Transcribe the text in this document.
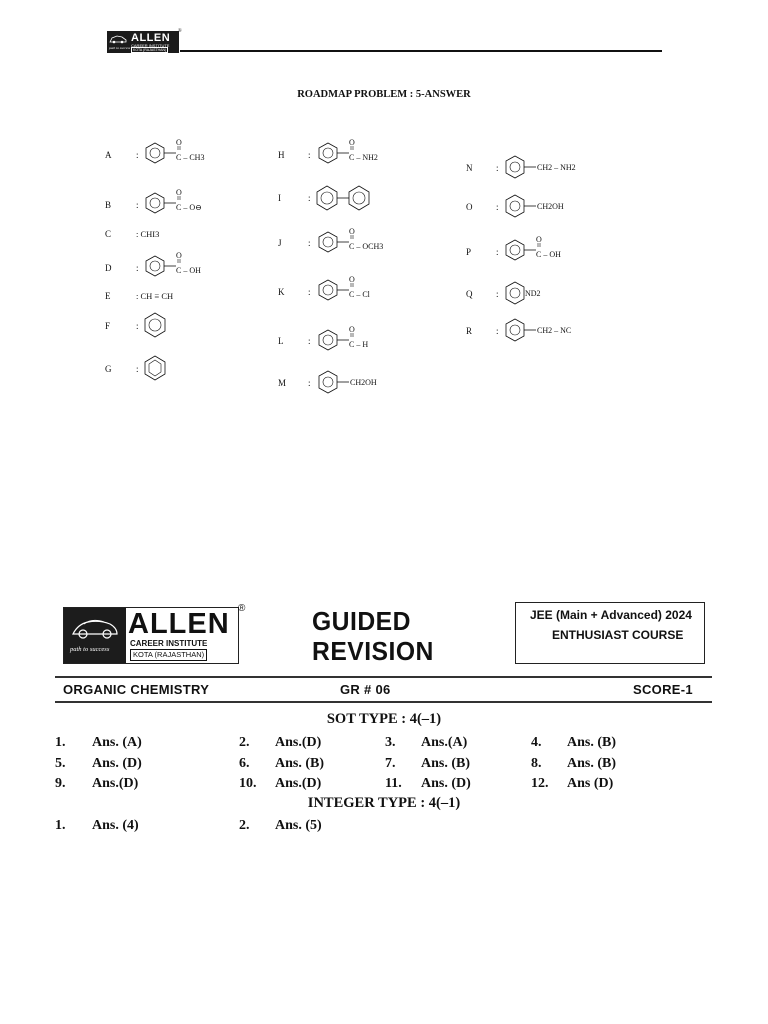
path to success
ALLEN
CAREER INSTITUTE
KOTA (RAJASTHAN)
®
ROADMAP PROBLEM : 5-ANSWER
A	:
O
C – CH3
B	:
O
C – O⊖
C	: CHI3
D	:
O
C – OH
E	: CH ≡ CH
F	:
G	:
H	:
O
C – NH2
I	:
J	:
O
C – OCH3
K	:
O
C – Cl
L	:
O
C – H
M :	CH2OH
N	:	CH2 – NH2
O	:	CH2OH
P	:
O
C – OH
Q	:	ND2
R	:	CH2 – NC
path to success
ALLEN
CAREER INSTITUTE
KOTA (RAJASTHAN)
®	GUIDED
REVISION
JEE (Main + Advanced) 2024
ENTHUSIAST COURSE
ORGANIC CHEMISTRY	GR # 06	SCORE-1
SOT TYPE : 4(–1)
1. Ans. (A)	2. Ans.(D)	3. Ans.(A)	4. Ans. (B)
5. Ans. (D)	6. Ans. (B)	7. Ans. (B)	8. Ans. (B)
9. Ans.(D)	10. Ans.(D)	11. Ans. (D)	12. Ans (D)
INTEGER TYPE : 4(–1)
1. Ans. (4)	2. Ans. (5)
